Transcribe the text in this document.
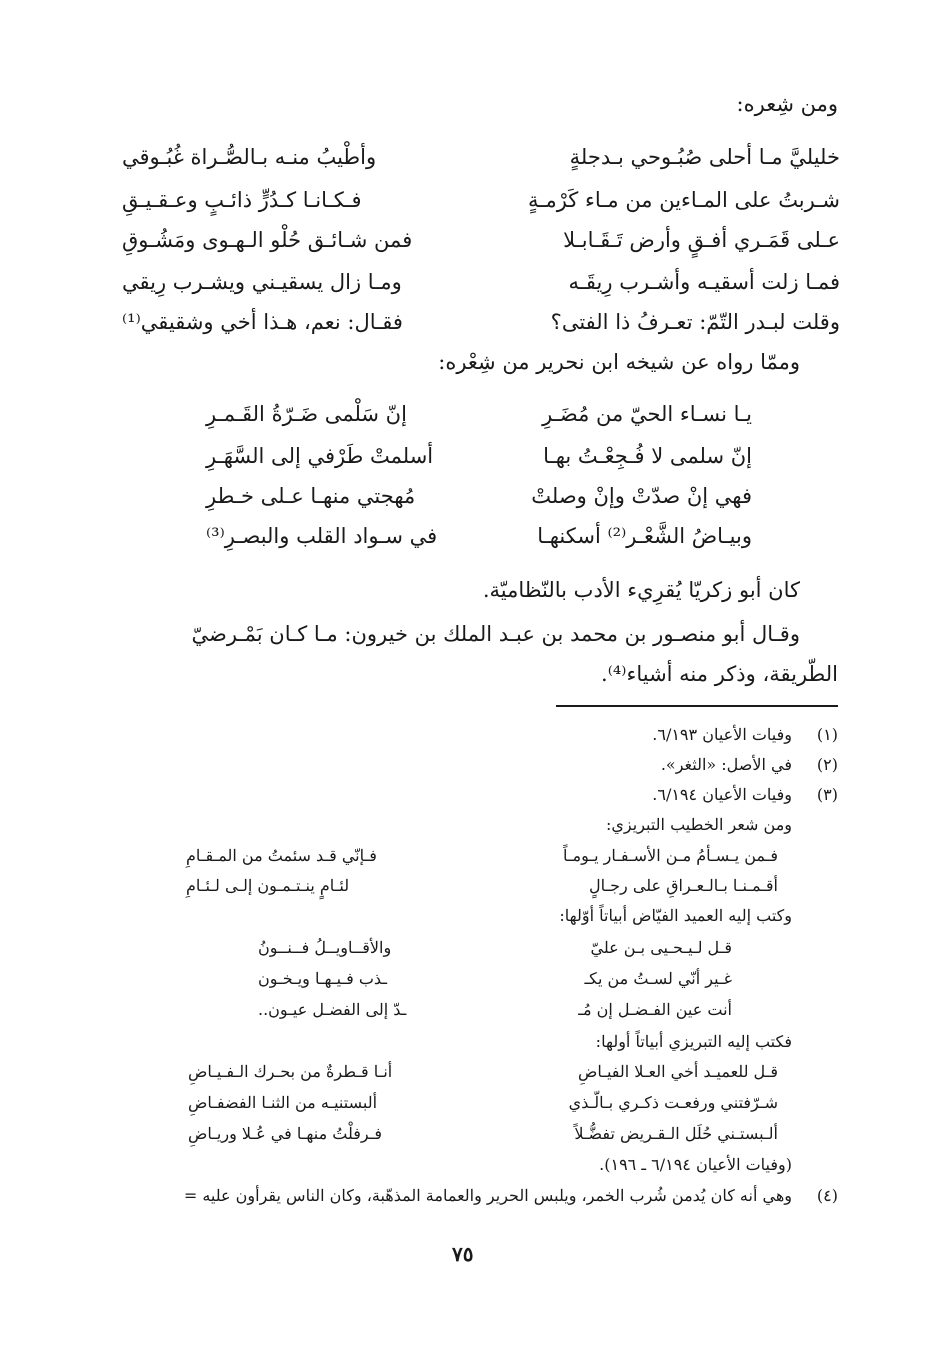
ومن شِعره:
خليليَّ مـا أحلى صُبُـوحي بـدجلةٍ
وأطْيبُ منـه بـالصُّـراة غُبُـوقي
شـربتُ على المـاءين من مـاء كَرْمـةٍ
فـكـانـا كـدُرٍّ ذائـبٍ وعـقـيـقِ
عـلى قَمَـري أفـقٍ وأرض تَـقَـابـلا
فمن شـائـق حُلْو الـهـوى ومَشُـوقِ
فمـا زلت أسقيـه وأشـرب رِيقَـه
ومـا زال يسقيـني ويشـرب رِيقي
وقلت لبـدر التّمّ: تعـرفُ ذا الفتى؟
فقـال: نعم، هـذا أخي وشقيقي⁽¹⁾
وممّا رواه عن شيخه ابن نحرير من شِعْره:
يـا نسـاء الحيّ من مُضَـرِ
إنّ سَلْمى ضَـرّةُ القَـمـرِ
إنّ سلمى لا فُـجِعْـتُ بهـا
أسلمتْ طَرْفي إلى السَّهَـرِ
فهي إنْ صدّتْ وإنْ وصلتْ
مُهجتي منهـا عـلى خـطرِ
وبيـاضُ الشَّعْـر⁽²⁾ أسكنهـا
في سـواد القلب والبصـرِ⁽³⁾
كان أبو زكريّا يُقرِيء الأدب بالنّظاميّة.
وقـال أبو منصـور بن محمد بن عبـد الملك بن خيرون: مـا كـان بَمْـرضيّ
الطّريقة، وذكر منه أشياء⁽⁴⁾.
(١)
وفيات الأعيان ٦/١٩٣.
(٢)
في الأصل: «الثغر».
(٣)
وفيات الأعيان ٦/١٩٤.
ومن شعر الخطيب التبريزي:
فـمن يـسـأمُ مـن الأسـفـار يـومـاً
فـإنّي قـد سئمتُ من المـقـامِ
أقـمـنـا بـالـعـراقِ على رجـالٍ
لئـامٍ ينـتـمـون إلـى لـئـامِ
وكتب إليه العميد الفيّاض أبياتاً أوّلها:
قـل لـيـحـيى بـن عليّ
والأقــاويــلُ فــنــونُ
غـير أنّي لسـتُ من يكـ
ـذب فـيـهـا ويـخـون
أنت عين الفـضـل إن مُـ
ـدّ إلى الفضـل عيـون..
فكتب إليه التبريزي أبياتاً أولها:
قـل للعميـد أخي العـلا الفيـاضِ
أنـا قـطرةٌ من بحـرك الـفـيـاضِ
شـرّفتني ورفعـت ذكـري بـالّـذي
ألبستنيـه من الثنـا الفضفـاضِ
ألـبستـني حُلَل الـقـريض تفضُّـلاً
فـرفلْتُ منهـا في عُـلا وريـاضِ
(وفيات الأعيان ٦/١٩٤ ـ ١٩٦).
(٤)
وهي أنه كان يُدمن شُرب الخمر، ويلبس الحرير والعمامة المذهّبة، وكان الناس يقرأون عليه =
٧٥
